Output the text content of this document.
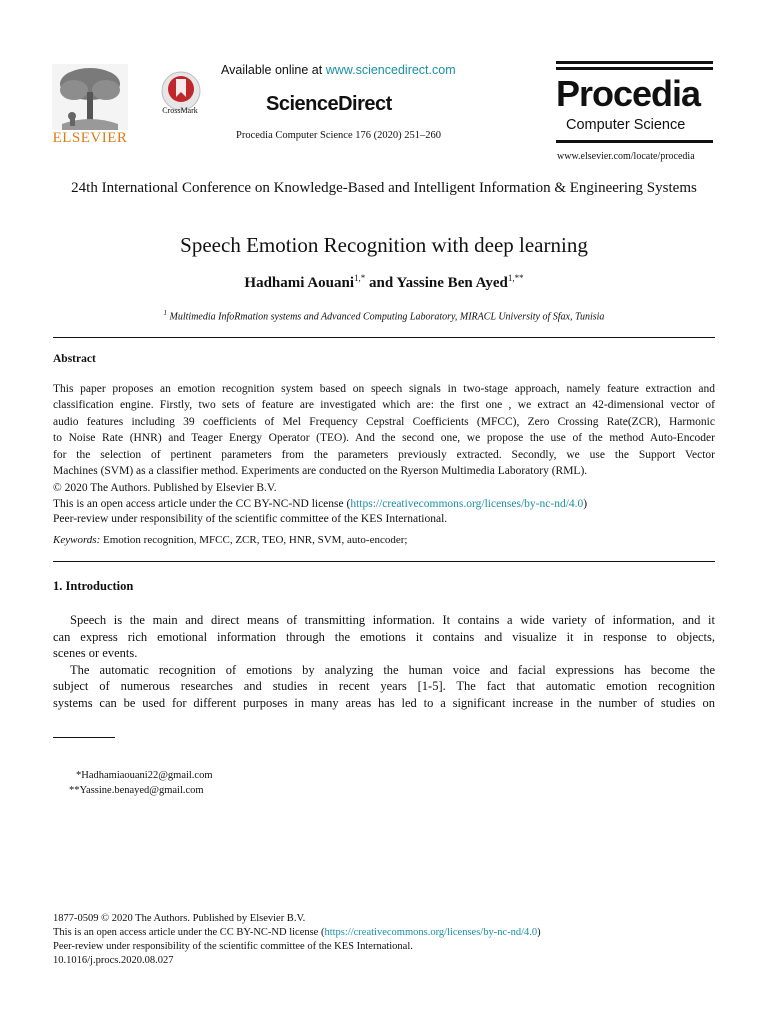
ELSEVIER
CrossMark
Available online at www.sciencedirect.com
ScienceDirect
Procedia Computer Science 176 (2020) 251–260
Procedia
Computer Science
www.elsevier.com/locate/procedia
24th International Conference on Knowledge-Based and Intelligent Information & Engineering Systems
Speech Emotion Recognition with deep learning
Hadhami Aouani$^{1,*}$ and Yassine Ben Ayed$^{1,**}$
$^1$ Multimedia InfoRmation systems and Advanced Computing Laboratory, MIRACL University of Sfax, Tunisia
Abstract
This paper proposes an emotion recognition system based on speech signals in two-stage approach, namely feature extraction and
classification engine. Firstly, two sets of feature are investigated which are: the first one , we extract an 42-dimensional vector of
audio features including 39 coefficients of Mel Frequency Cepstral Coefficients (MFCC), Zero Crossing Rate(ZCR), Harmonic
to Noise Rate (HNR) and Teager Energy Operator (TEO). And the second one, we propose the use of the method Auto-Encoder
for the selection of pertinent parameters from the parameters previously extracted. Secondly, we use the Support Vector
Machines (SVM) as a classifier method. Experiments are conducted on the Ryerson Multimedia Laboratory (RML).
© 2020 The Authors. Published by Elsevier B.V.
This is an open access article under the CC BY-NC-ND license (https://creativecommons.org/licenses/by-nc-nd/4.0)
Peer-review under responsibility of the scientific committee of the KES International.
Keywords: Emotion recognition, MFCC, ZCR, TEO, HNR, SVM, auto-encoder;
1. Introduction
Speech is the main and direct means of transmitting information. It contains a wide variety of information, and it
can express rich emotional information through the emotions it contains and visualize it in response to objects,
scenes or events.
The automatic recognition of emotions by analyzing the human voice and facial expressions has become the
subject of numerous researches and studies in recent years [1-5]. The fact that automatic emotion recognition
systems can be used for different purposes in many areas has led to a significant increase in the number of studies on
*Hadhamiaouani22@gmail.com
**Yassine.benayed@gmail.com
1877-0509 © 2020 The Authors. Published by Elsevier B.V.
This is an open access article under the CC BY-NC-ND license (https://creativecommons.org/licenses/by-nc-nd/4.0)
Peer-review under responsibility of the scientific committee of the KES International.
10.1016/j.procs.2020.08.027
